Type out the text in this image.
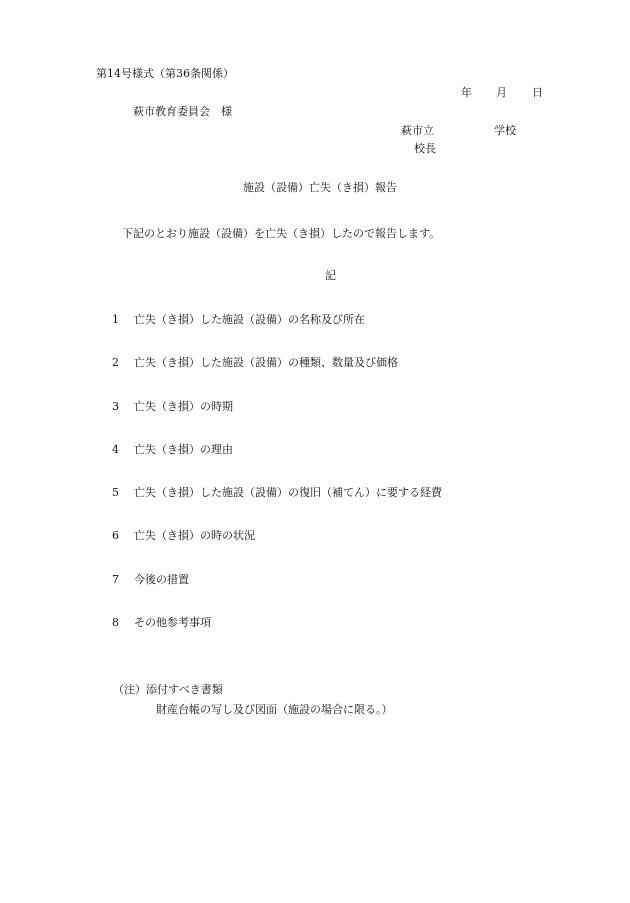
第14号様式（第36条関係）
年 月 日
萩市教育委員会　様
萩市立	学校
校長
施設（設備）亡失（き損）報告
下記のとおり施設（設備）を亡失（き損）したので報告します。
記
1 亡失（き損）した施設（設備）の名称及び所在
2 亡失（き損）した施設（設備）の種類、数量及び価格
3 亡失（き損）の時期
4 亡失（き損）の理由
5 亡失（き損）した施設（設備）の復旧（補てん）に要する経費
6 亡失（き損）の時の状況
7 今後の措置
8 その他参考事項
（注）添付すべき書類
財産台帳の写し及び図面（施設の場合に限る。）
